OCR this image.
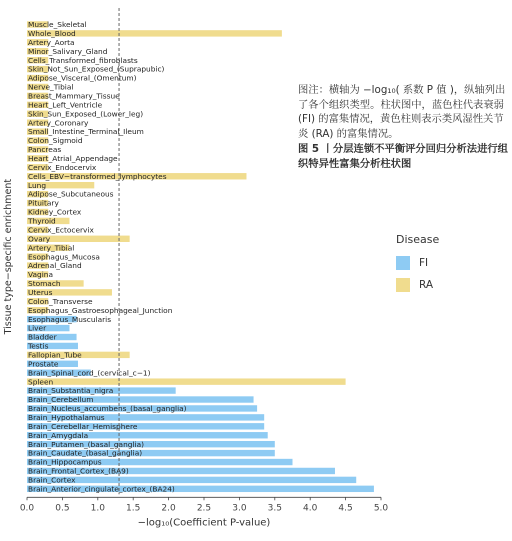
Muscle_Skeletal
Whole_Blood
Artery_Aorta
Minor_Salivary_Gland
Cells_Transformed_fibroblasts
Skin_Not_Sun_Exposed_(Suprapubic)
Adipose_Visceral_(Omentum)
Nerve_Tibial
Breast_Mammary_Tissue
Heart_Left_Ventricle
Skin_Sun_Exposed_(Lower_leg)
Artery_Coronary
Small_Intestine_Terminal_Ileum
Colon_Sigmoid
Pancreas
Heart_Atrial_Appendage
Cervix_Endocervix
Cells_EBV−transformed_lymphocytes
Lung
Adipose_Subcutaneous
Pituitary
Kidney_Cortex
Thyroid
Cervix_Ectocervix
Ovary
Artery_Tibial
Esophagus_Mucosa
Adrenal_Gland
Vagina
Stomach
Uterus
Colon_Transverse
Esophagus_Gastroesophageal_Junction
Esophagus_Muscularis
Liver
Bladder
Testis
Fallopian_Tube
Prostate
Brain_Spinal_cord_(cervical_c−1)
Spleen
Brain_Substantia_nigra
Brain_Cerebellum
Brain_Nucleus_accumbens_(basal_ganglia)
Brain_Hypothalamus
Brain_Cerebellar_Hemisphere
Brain_Amygdala
Brain_Putamen_(basal_ganglia)
Brain_Caudate_(basal_ganglia)
Brain_Hippocampus
Brain_Frontal_Cortex_(BA9)
Brain_Cortex
Brain_Anterior_cingulate_cortex_(BA24)
0.0 0.5 1.0 1.5 2.0 2.5 3.0 3.5 4.0 4.5 5.0
−log₁₀(Coefficient P-value)
Tissue type−specific enrichment

图注：横轴为 −log₁₀( 系数 P 值 )，纵轴列出了各个组织类型。柱状图中，蓝色柱代表衰弱 (FI) 的富集情况，黄色柱则表示类风湿性关节炎 (RA) 的富集情况。

图 5 丨分层连锁不平衡评分回归分析法进行组织特异性富集分析柱状图

Disease
FI
RA
